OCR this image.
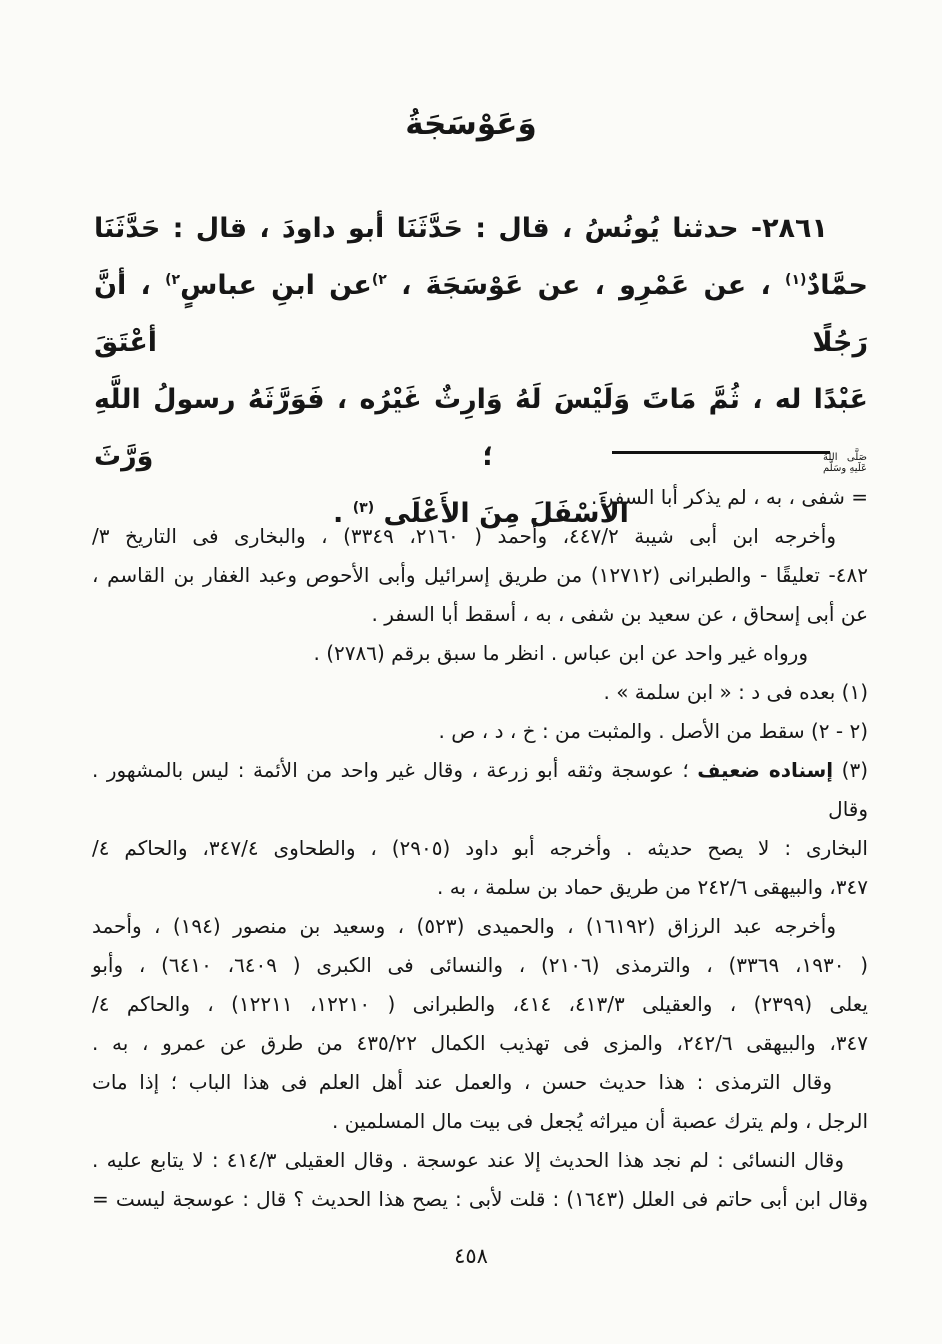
وَعَوْسَجَةُ
٢٨٦١- حدثنا يُونُسُ ، قال : حَدَّثَنَا أبو داودَ ، قال : حَدَّثَنَا
حمَّادٌ$^{(١)}$ ، عن عَمْرِو ، عن عَوْسَجَةَ ، $^{(٢}$عن ابنِ عباسٍ$^{(٢}$ ، أنَّ رَجُلًا أعْتَقَ
عَبْدًا له ، ثُمَّ مَاتَ وَلَيْسَ لَهُ وَارِثٌ غَيْرُه ، فَوَرَّثَهُ رسولُ اللَّهِ
صَلَّى اللهُ
عَلَيهِ وسَلَّم
؛ وَرَّثَ
الأَسْفَلَ مِنَ الأَعْلَى $^{(٣)}$ .
= شفى ، به ، لم يذكر أبا السفر .
وأخرجه ابن أبى شيبة ٤٤٧/٢، وأحمد ( ٢١٦٠، ٣٣٤٩) ، والبخارى فى التاريخ ٣/
٤٨٢- تعليقًا - والطبرانى (١٢٧١٢) من طريق إسرائيل وأبى الأحوص وعبد الغفار بن القاسم ،
عن أبى إسحاق ، عن سعيد بن شفى ، به ، أسقط أبا السفر .
ورواه غير واحد عن ابن عباس . انظر ما سبق برقم (٢٧٨٦) .
(١) بعده فى د : « ابن سلمة » .
(٢ - ٢) سقط من الأصل . والمثبت من : خ ، د ، ص .
(٣) إسناده ضعيف ؛ عوسجة وثقه أبو زرعة ، وقال غير واحد من الأئمة : ليس بالمشهور . وقال
البخارى : لا يصح حديثه . وأخرجه أبو داود (٢٩٠٥) ، والطحاوى ٣٤٧/٤، والحاكم ٤/
٣٤٧، والبيهقى ٢٤٢/٦ من طريق حماد بن سلمة ، به .
وأخرجه عبد الرزاق (١٦١٩٢) ، والحميدى (٥٢٣) ، وسعيد بن منصور (١٩٤) ، وأحمد
( ١٩٣٠، ٣٣٦٩) ، والترمذى (٢١٠٦) ، والنسائى فى الكبرى ( ٦٤٠٩، ٦٤١٠) ، وأبو
يعلى (٢٣٩٩) ، والعقيلى ٤١٣/٣، ٤١٤، والطبرانى ( ١٢٢١٠، ١٢٢١١) ، والحاكم ٤/
٣٤٧، والبيهقى ٢٤٢/٦، والمزى فى تهذيب الكمال ٤٣٥/٢٢ من طرق عن عمرو ، به .
وقال الترمذى : هذا حديث حسن ، والعمل عند أهل العلم فى هذا الباب ؛ إذا مات
الرجل ، ولم يترك عصبة أن ميراثه يُجعل فى بيت مال المسلمين .
وقال النسائى : لم نجد هذا الحديث إلا عند عوسجة . وقال العقيلى ٤١٤/٣ : لا يتابع عليه .
وقال ابن أبى حاتم فى العلل (١٦٤٣) : قلت لأبى : يصح هذا الحديث ؟ قال : عوسجة ليست =
٤٥٨
